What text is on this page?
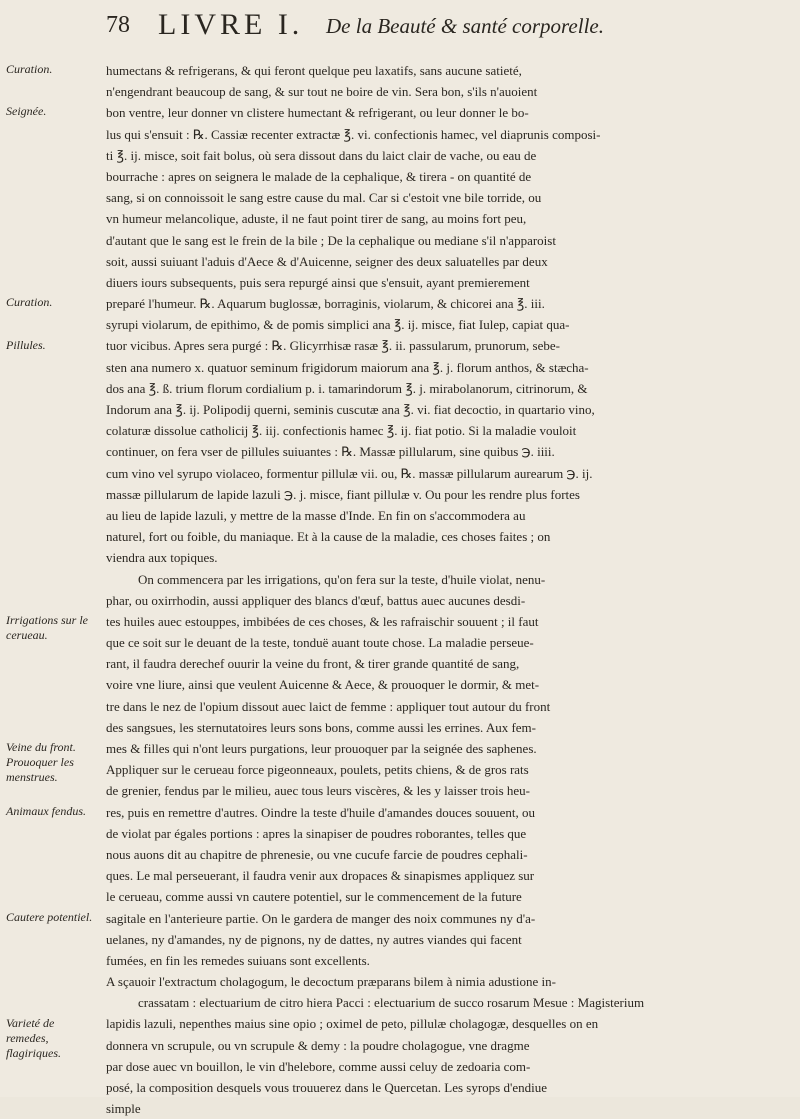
78 LIVRE I. De la Beauté & santé corporelle.
Curation.
Seignée.
Curation.
Pillules.
Irrigations sur le cerueau.
Veine du front. Prouoquer les menstrues.
Animaux fendus.
Cautere potentiel.
Varieté de remedes, flagiriques.
humectans & refrigerans, & qui feront quelque peu laxatifs, sans aucune satieté,
n'engendrant beaucoup de sang, & sur tout ne boire de vin. Sera bon, s'ils n'auoient
bon ventre, leur donner vn clistere humectant & refrigerant, ou leur donner le bo-
lus qui s'ensuit : ℞. Cassiæ recenter extractæ ℥. vi. confectionis hamec, vel diaprunis composi-
ti ℥. ij. misce, soit fait bolus, où sera dissout dans du laict clair de vache, ou eau de
bourrache : apres on seignera le malade de la cephalique, & tirera - on quantité de
sang, si on connoissoit le sang estre cause du mal. Car si c'estoit vne bile torride, ou
vn humeur melancolique, aduste, il ne faut point tirer de sang, au moins fort peu,
d'autant que le sang est le frein de la bile ; De la cephalique ou mediane s'il n'apparoist
soit, aussi suiuant l'aduis d'Aece & d'Auicenne, seigner des deux saluatelles par deux
diuers iours subsequents, puis sera repurgé ainsi que s'ensuit, ayant premierement
preparé l'humeur. ℞. Aquarum buglossæ, borraginis, violarum, & chicorei ana ℥. iii.
syrupi violarum, de epithimo, & de pomis simplici ana ℥. ij. misce, fiat Iulep, capiat qua-
tuor vicibus. Apres sera purgé : ℞. Glicyrrhisæ rasæ ℥. ii. passularum, prunorum, sebe-
sten ana numero x. quatuor seminum frigidorum maiorum ana ℥. j. florum anthos, & stæcha-
dos ana ℥. ß. trium florum cordialium p. i. tamarindorum ℥. j. mirabolanorum, citrinorum, &
Indorum ana ℥. ij. Polipodij querni, seminis cuscutæ ana ℥. vi. fiat decoctio, in quartario vino,
colaturæ dissolue catholicij ℥. iij. confectionis hamec ℥. ij. fiat potio. Si la maladie vouloit
continuer, on fera vser de pillules suiuantes : ℞. Massæ pillularum, sine quibus ℈. iiii.
cum vino vel syrupo violaceo, formentur pillulæ vii. ou, ℞. massæ pillularum aurearum ℈. ij.
massæ pillularum de lapide lazuli ℈. j. misce, fiant pillulæ v. Ou pour les rendre plus fortes
au lieu de lapide lazuli, y mettre de la masse d'Inde. En fin on s'accommodera au
naturel, fort ou foible, du maniaque. Et à la cause de la maladie, ces choses faites ; on
viendra aux topiques.
On commencera par les irrigations, qu'on fera sur la teste, d'huile violat, nenu-
phar, ou oxirrhodin, aussi appliquer des blancs d'œuf, battus auec aucunes desdi-
tes huiles auec estouppes, imbibées de ces choses, & les rafraischir souuent ; il faut
que ce soit sur le deuant de la teste, tonduë auant toute chose. La maladie perseue-
rant, il faudra derechef ouurir la veine du front, & tirer grande quantité de sang,
voire vne liure, ainsi que veulent Auicenne & Aece, & prouoquer le dormir, & met-
tre dans le nez de l'opium dissout auec laict de femme : appliquer tout autour du front
des sangsues, les sternutatoires leurs sons bons, comme aussi les errines. Aux fem-
mes & filles qui n'ont leurs purgations, leur prouoquer par la seignée des saphenes.
Appliquer sur le cerueau force pigeonneaux, poulets, petits chiens, & de gros rats
de grenier, fendus par le milieu, auec tous leurs viscères, & les y laisser trois heu-
res, puis en remettre d'autres. Oindre la teste d'huile d'amandes douces souuent, ou
de violat par égales portions : apres la sinapiser de poudres roborantes, telles que
nous auons dit au chapitre de phrenesie, ou vne cucufe farcie de poudres cephali-
ques. Le mal perseuerant, il faudra venir aux dropaces & sinapismes appliquez sur
le cerueau, comme aussi vn cautere potentiel, sur le commencement de la future
sagitale en l'anterieure partie. On le gardera de manger des noix communes ny d'a-
uelanes, ny d'amandes, ny de pignons, ny de dattes, ny autres viandes qui facent
fumées, en fin les remedes suiuans sont excellents.
A sçauoir l'extractum cholagogum, le decoctum præparans bilem à nimia adustione in-
crassatam : electuarium de citro hiera Pacci : electuarium de succo rosarum Mesue : Magisterium
lapidis lazuli, nepenthes maius sine opio ; oximel de peto, pillulæ cholagogæ, desquelles on en
donnera vn scrupule, ou vn scrupule & demy : la poudre cholagogue, vne dragme
par dose auec vn bouillon, le vin d'helebore, comme aussi celuy de zedoaria com-
posé, la composition desquels vous trouuerez dans le Quercetan. Les syrops d'endiue
simple
